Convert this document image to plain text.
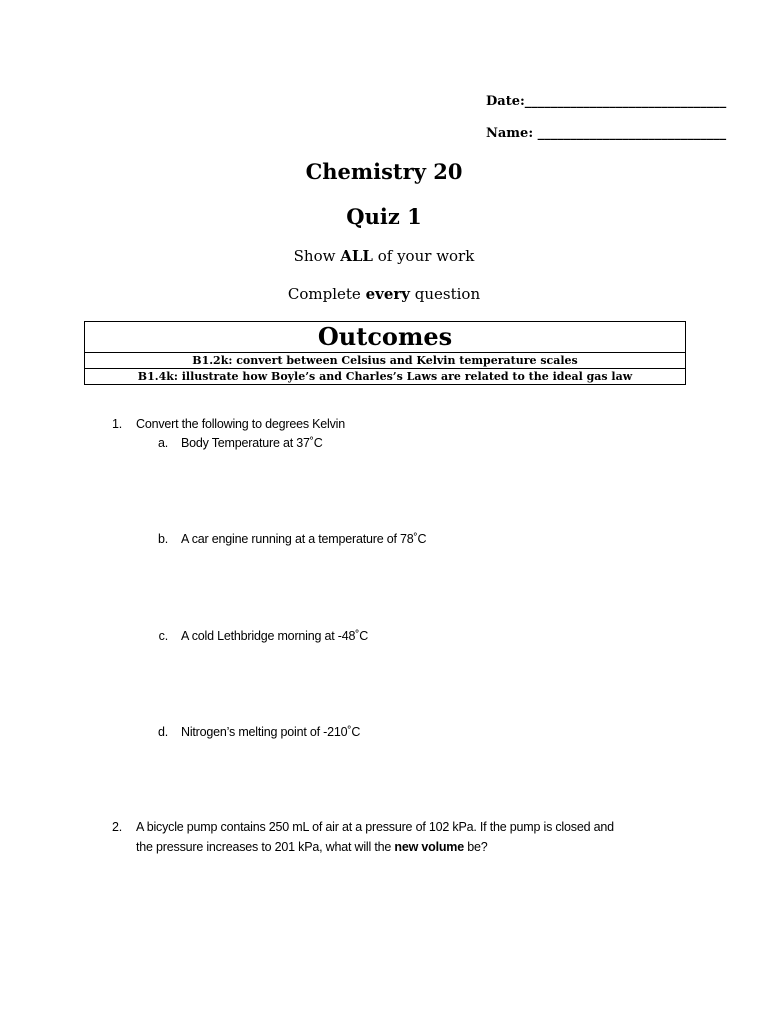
Date:_______________________________
Name: _____________________________
Chemistry 20
Quiz 1
Show ALL of your work
Complete every question
Outcomes
B1.2k: convert between Celsius and Kelvin temperature scales
B1.4k: illustrate how Boyle’s and Charles’s Laws are related to the ideal gas law
1. Convert the following to degrees Kelvin
a. Body Temperature at 37˚C
b. A car engine running at a temperature of 78˚C
c. A cold Lethbridge morning at -48˚C
d. Nitrogen’s melting point of -210˚C
2. A bicycle pump contains 250 mL of air at a pressure of 102 kPa. If the pump is closed and
the pressure increases to 201 kPa, what will the new volume be?
